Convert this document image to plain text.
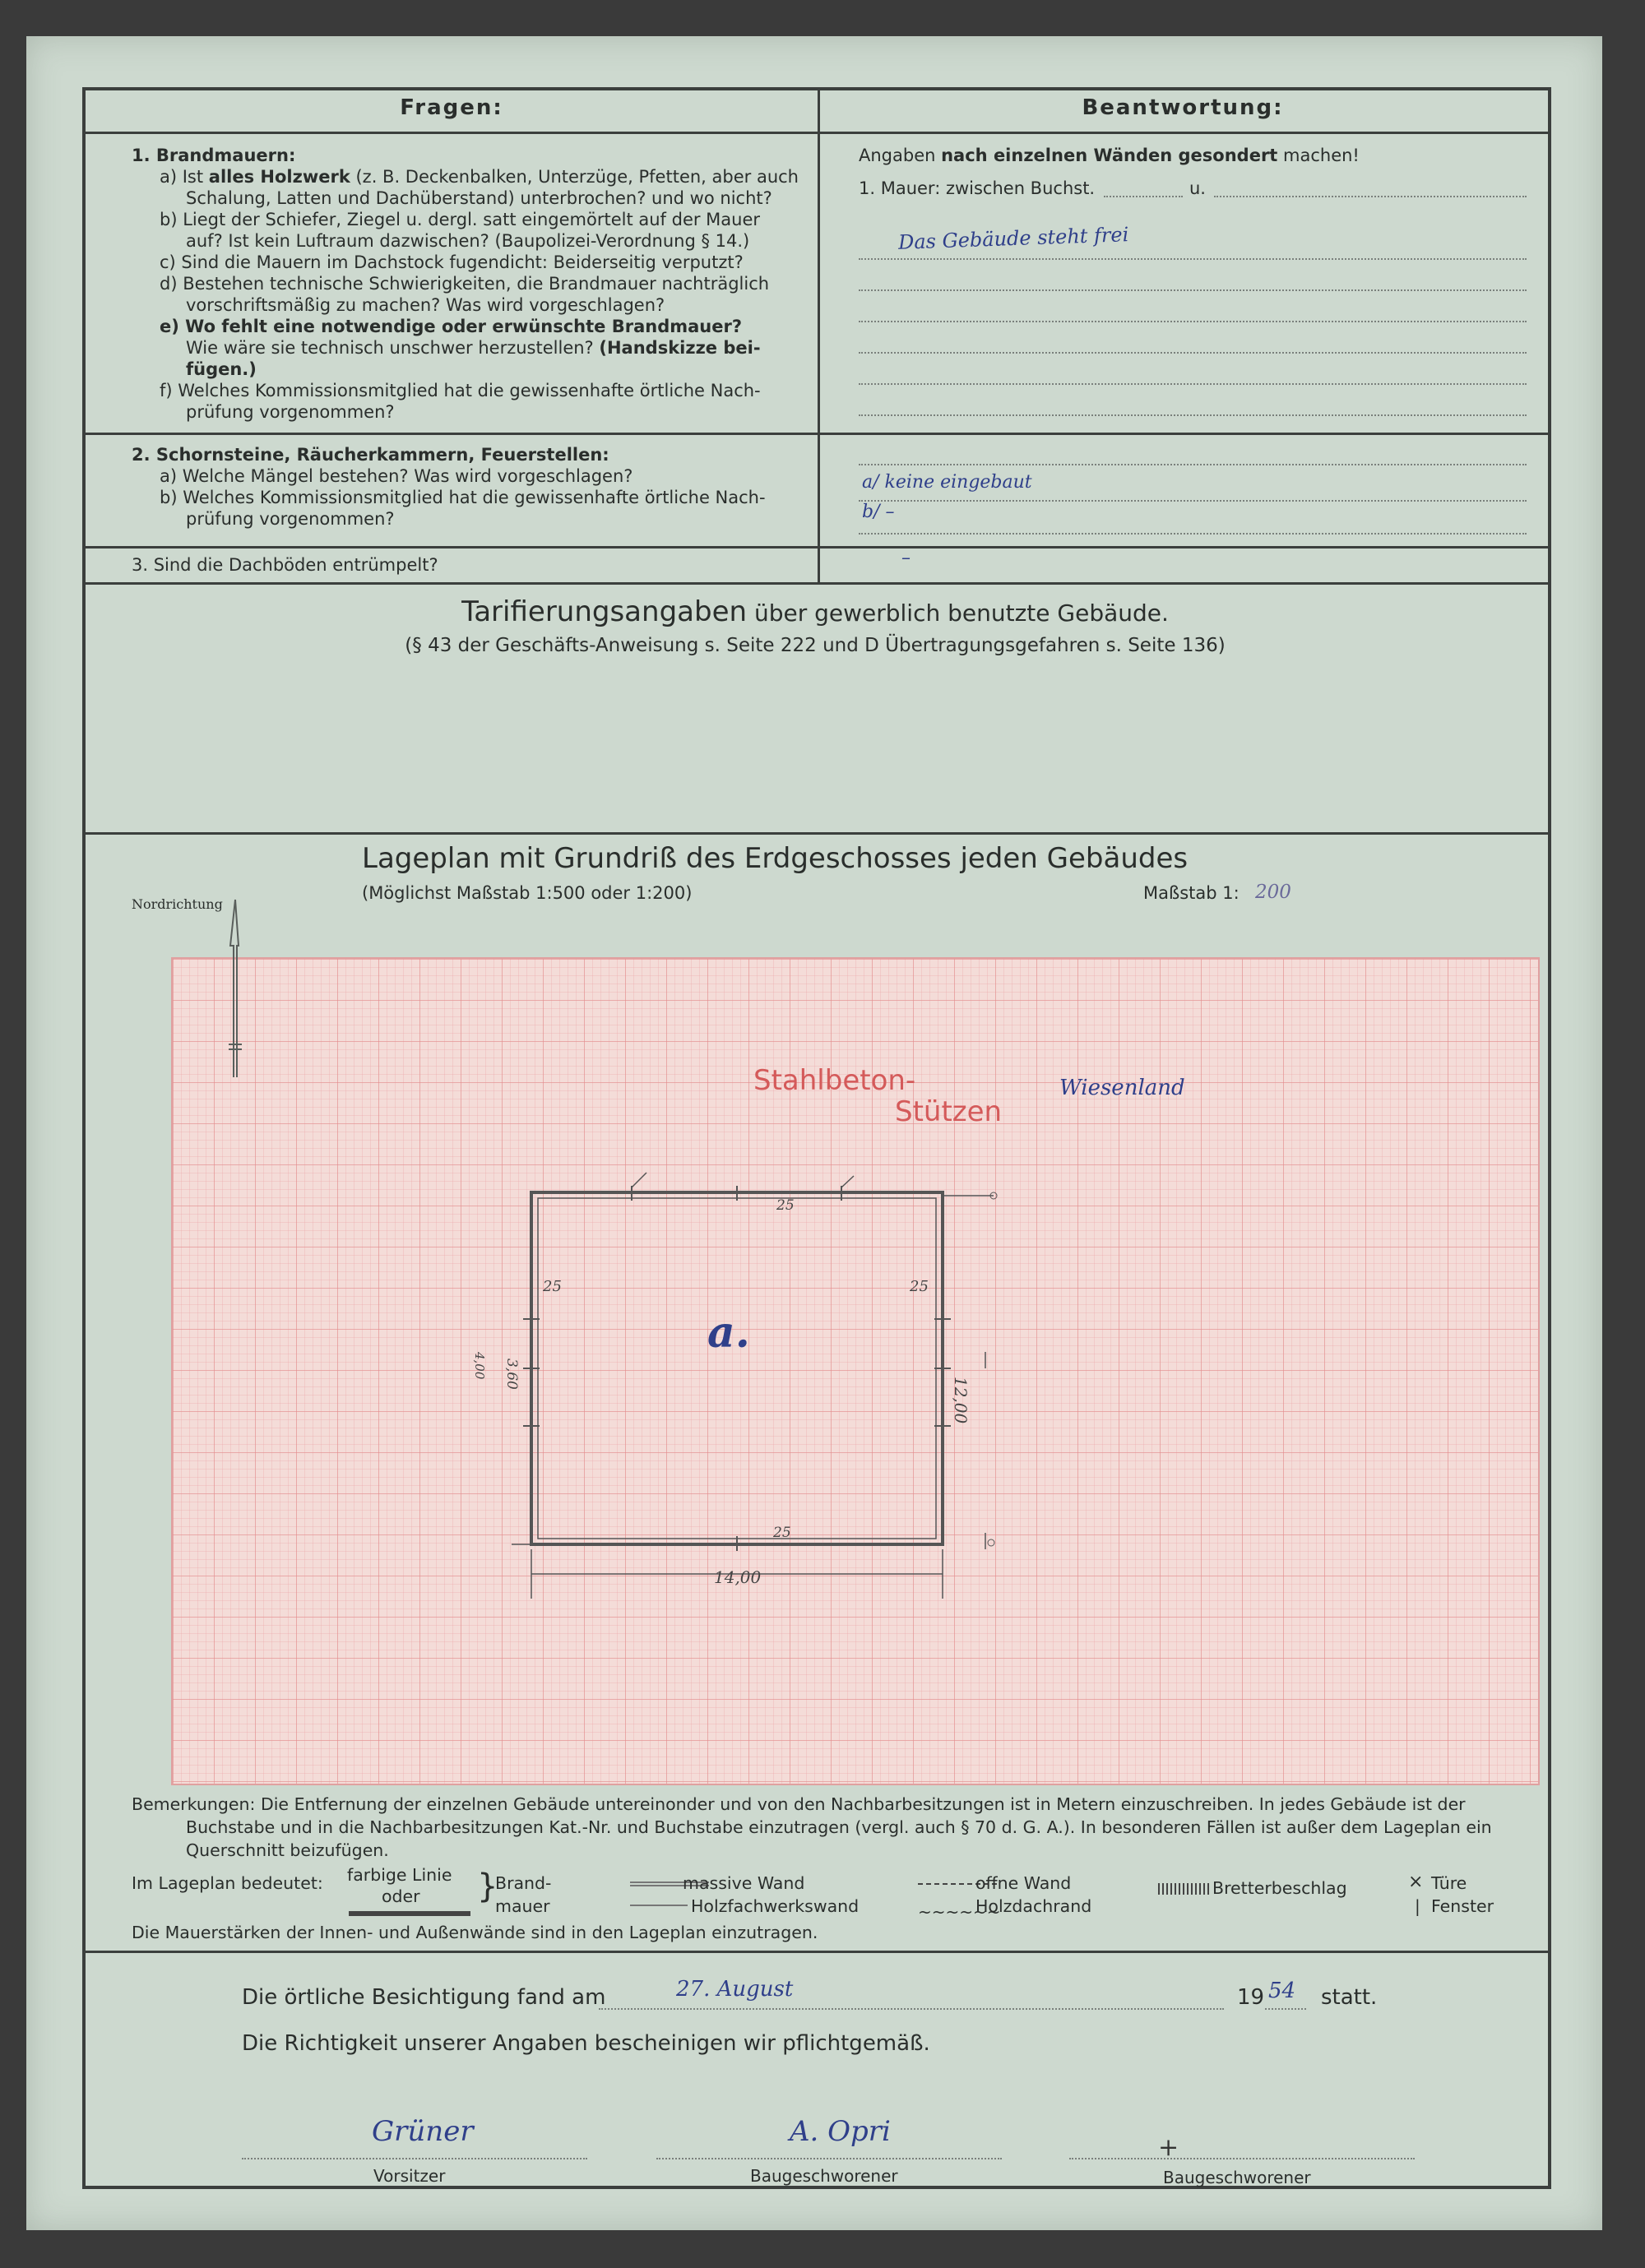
Fragen:	Beantwortung:
1. Brandmauern:
a) Ist alles Holzwerk (z. B. Deckenbalken, Unterzüge, Pfetten, aber auch
Schalung, Latten und Dachüberstand) unterbrochen? und wo nicht?
b) Liegt der Schiefer, Ziegel u. dergl. satt eingemörtelt auf der Mauer
auf? Ist kein Luftraum dazwischen? (Baupolizei-Verordnung § 14.)
c) Sind die Mauern im Dachstock fugendicht: Beiderseitig verputzt?
d) Bestehen technische Schwierigkeiten, die Brandmauer nachträglich
vorschriftsmäßig zu machen? Was wird vorgeschlagen?
e) Wo fehlt eine notwendige oder erwünschte Brandmauer?
Wie wäre sie technisch unschwer herzustellen? (Handskizze bei-
fügen.)
f) Welches Kommissionsmitglied hat die gewissenhafte örtliche Nach-
prüfung vorgenommen?
Angaben nach einzelnen Wänden gesondert machen!
1. Mauer: zwischen Buchst.	u.
Das Gebäude steht frei
2. Schornsteine, Räucherkammern, Feuerstellen:
a) Welche Mängel bestehen? Was wird vorgeschlagen?
b) Welches Kommissionsmitglied hat die gewissenhafte örtliche Nach-
prüfung vorgenommen?
a/ keine eingebaut
b/ –
3. Sind die Dachböden entrümpelt?	–
Tarifierungsangaben über gewerblich benutzte Gebäude.
(§ 43 der Geschäfts-Anweisung s. Seite 222 und D Übertragungsgefahren s. Seite 136)
Lageplan mit Grundriß des Erdgeschosses jeden Gebäudes
(Möglichst Maßstab 1:500 oder 1:200)	Maßstab 1: 200
Nordrichtung
Stahlbeton-
Stützen
Wiesenland
a.
25
25	25
25
14,00
12,00
4,00 3,60
Bemerkungen: Die Entfernung der einzelnen Gebäude untereinonder und von den Nachbarbesitzungen ist in Metern einzuschreiben. In jedes Gebäude ist der
Buchstabe und in die Nachbarbesitzungen Kat.-Nr. und Buchstabe einzutragen (vergl. auch § 70 d. G. A.). In besonderen Fällen ist außer dem Lageplan ein
Querschnitt beizufügen.
Im Lageplan bedeutet: farbige Linie
oder }
Brand-
mauer
massive Wand
Holzfachwerkswand
offne Wand
~~~~~~
Holzdachrand
Bretterbeschlag	× Türe
| Fenster
Die Mauerstärken der Innen- und Außenwände sind in den Lageplan einzutragen.
Die örtliche Besichtigung fand am	27. August	19 54 statt.
Die Richtigkeit unserer Angaben bescheinigen wir pflichtgemäß.
Grüner	A. Opri	+
Vorsitzer	Baugeschworener	Baugeschworener
